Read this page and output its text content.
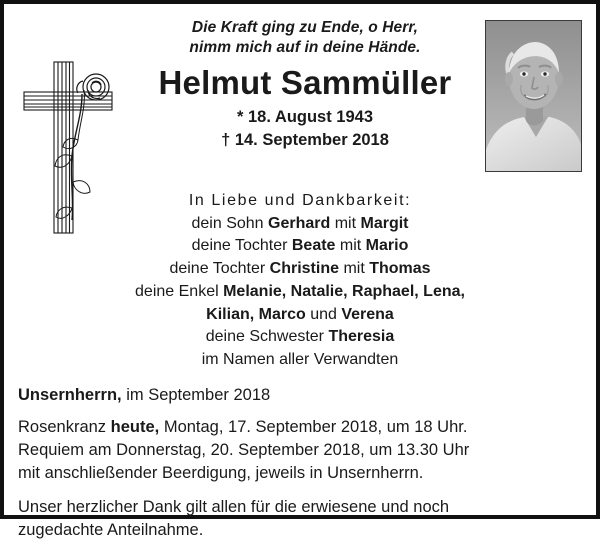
Die Kraft ging zu Ende, o Herr,
nimm mich auf in deine Hände.
Helmut Sammüller
* 18. August 1943
† 14. September 2018
In Liebe und Dankbarkeit:
dein Sohn Gerhard mit Margit
deine Tochter Beate mit Mario
deine Tochter Christine mit Thomas
deine Enkel Melanie, Natalie, Raphael, Lena,
Kilian, Marco und Verena
deine Schwester Theresia
im Namen aller Verwandten
Unsernherrn, im September 2018
Rosenkranz heute, Montag, 17. September 2018, um 18 Uhr.
Requiem am Donnerstag, 20. September 2018, um 13.30 Uhr
mit anschließender Beerdigung, jeweils in Unsernherrn.
Unser herzlicher Dank gilt allen für die erwiesene und noch
zugedachte Anteilnahme.
